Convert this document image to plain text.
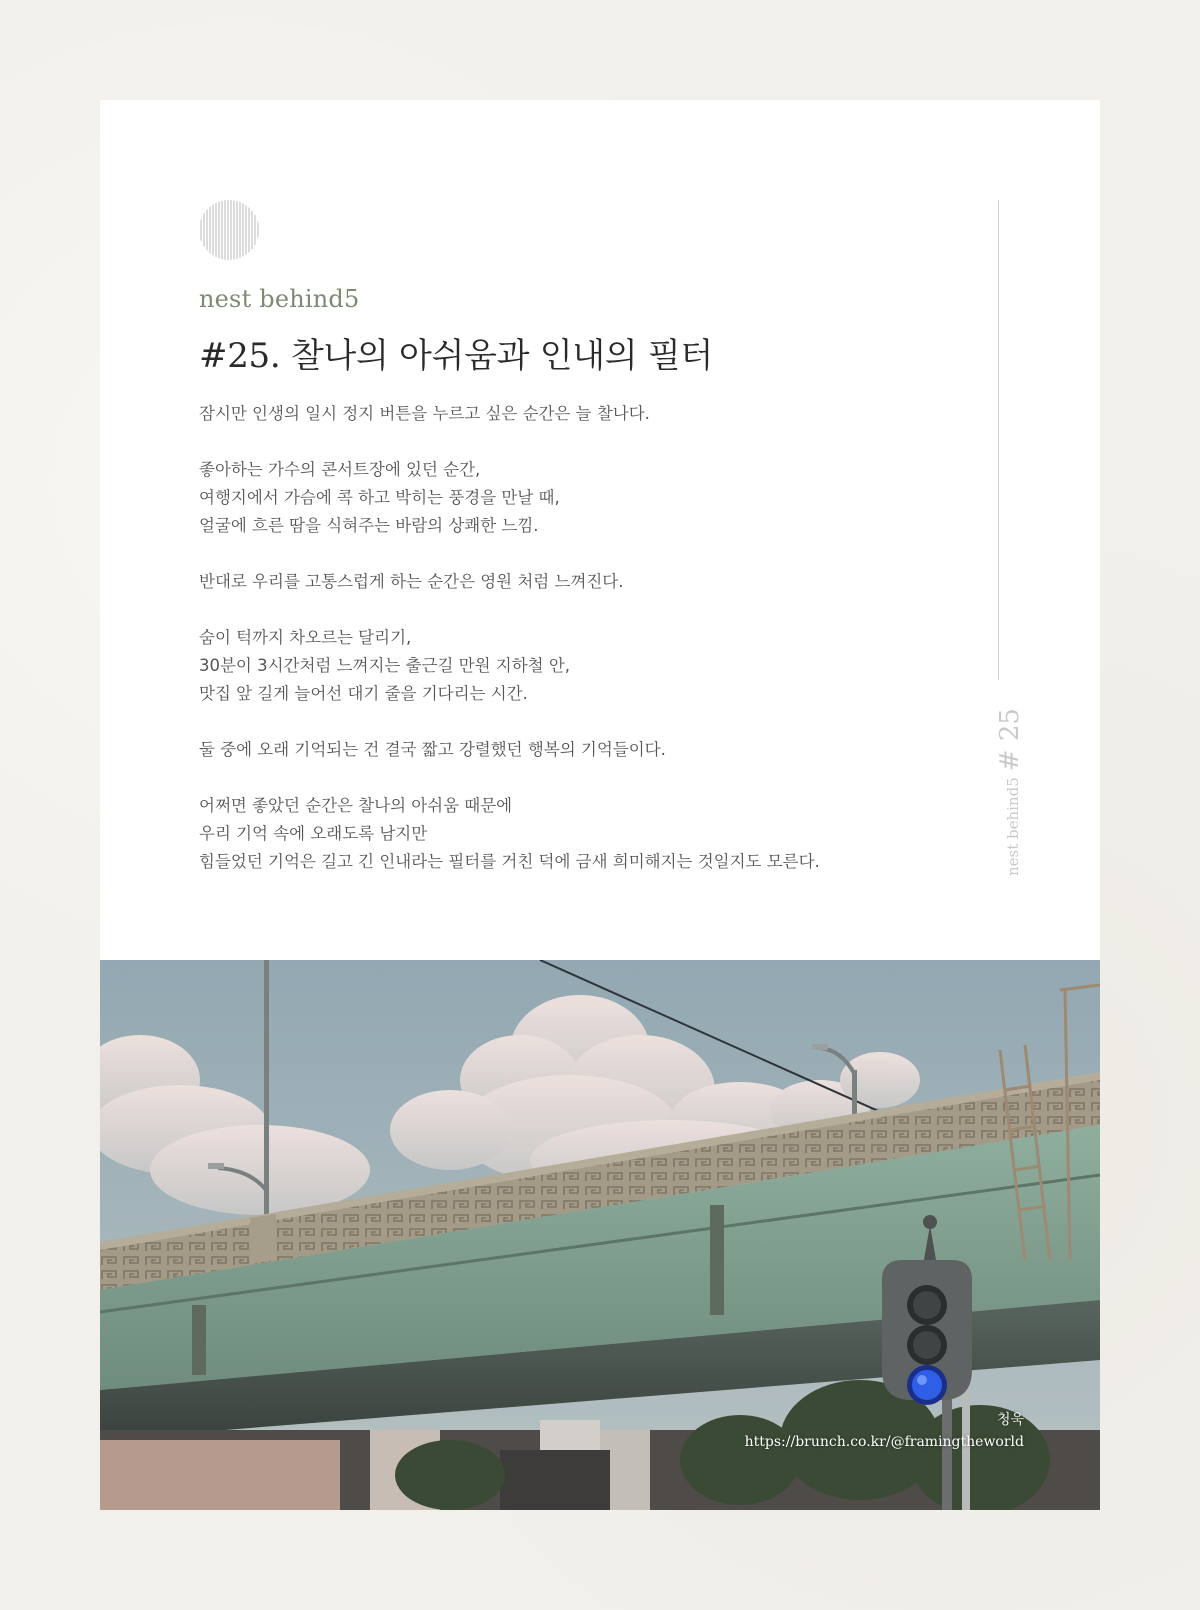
nest behind5
#25. 찰나의 아쉬움과 인내의 필터

잠시만 인생의 일시 정지 버튼을 누르고 싶은 순간은 늘 찰나다.

좋아하는 가수의 콘서트장에 있던 순간,
여행지에서 가슴에 콕 하고 박히는 풍경을 만날 때,
얼굴에 흐른 땀을 식혀주는 바람의 상쾌한 느낌.

반대로 우리를 고통스럽게 하는 순간은 영원 처럼 느껴진다.

숨이 턱까지 차오르는 달리기,
30분이 3시간처럼 느껴지는 출근길 만원 지하철 안,
맛집 앞 길게 늘어선 대기 줄을 기다리는 시간.

둘 중에 오래 기억되는 건 결국 짧고 강렬했던 행복의 기억들이다.

어쩌면 좋았던 순간은 찰나의 아쉬움 때문에
우리 기억 속에 오래도록 남지만
힘들었던 기억은 길고 긴 인내라는 필터를 거친 덕에 금새 희미해지는 것일지도 모른다.	nest behind5
# 25
청욱
https://brunch.co.kr/@framingtheworld
